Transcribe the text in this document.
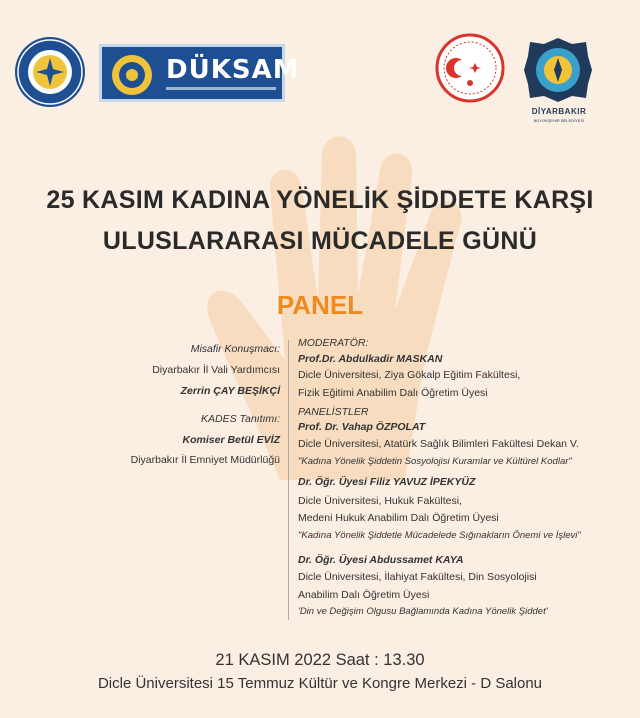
DÜKSAM
DİYARBAKIR
BÜYÜKŞEHİR BELEDİYESİ
25 KASIM KADINA YÖNELİK ŞİDDETE KARŞI
ULUSLARARASI MÜCADELE GÜNÜ
PANEL
Misafir Konuşmacı:
Diyarbakır İl Vali Yardımcısı
Zerrin ÇAY BEŞİKÇİ
KADES Tanıtımı:
Komiser Betül EVİZ
Diyarbakır İl Emniyet Müdürlüğü
MODERATÖR:
Prof.Dr. Abdulkadir MASKAN
Dicle Üniversitesi, Ziya Gökalp Eğitim Fakültesi,
Fizik Eğitimi Anabilim Dalı Öğretim Üyesi
PANELİSTLER
Prof. Dr. Vahap ÖZPOLAT
Dicle Üniversitesi, Atatürk Sağlık Bilimleri Fakültesi Dekan V.
"Kadına Yönelik Şiddetin Sosyolojisi Kuramlar ve Kültürel Kodlar"
Dr. Öğr. Üyesi Filiz YAVUZ İPEKYÜZ
Dicle Üniversitesi, Hukuk Fakültesi,
Medeni Hukuk Anabilim Dalı Öğretim Üyesi
"Kadına Yönelik Şiddetle Mücadelede Sığınakların Önemi ve İşlevi"
Dr. Öğr. Üyesi Abdussamet KAYA
Dicle Üniversitesi, İlahiyat Fakültesi, Din Sosyolojisi
Anabilim Dalı Öğretim Üyesi
'Din ve Değişim Olgusu Bağlamında Kadına Yönelik Şiddet'
21 KASIM 2022 Saat : 13.30
Dicle Üniversitesi 15 Temmuz Kültür ve Kongre Merkezi - D Salonu
